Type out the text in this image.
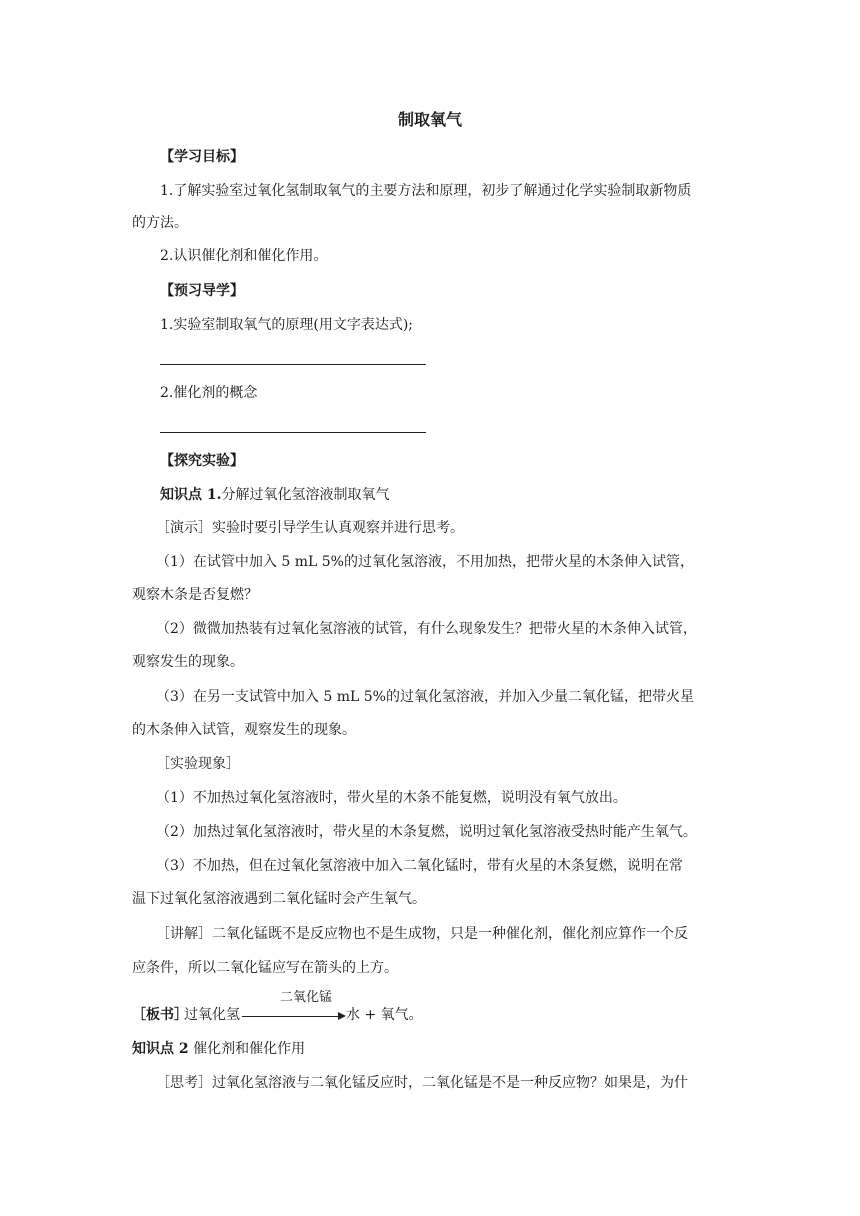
制取氧气
【学习目标】
1.了解实验室过氧化氢制取氧气的主要方法和原理，初步了解通过化学实验制取新物质
的方法。
2.认识催化剂和催化作用。
【预习导学】
1.实验室制取氧气的原理(用文字表达式);
2.催化剂的概念
【探究实验】
知识点 1.分解过氧化氢溶液制取氧气
［演示］实验时要引导学生认真观察并进行思考。
（1）在试管中加入 5 mL 5%的过氧化氢溶液，不用加热，把带火星的木条伸入试管，
观察木条是否复燃？
（2）微微加热装有过氧化氢溶液的试管，有什么现象发生？把带火星的木条伸入试管，
观察发生的现象。
（3）在另一支试管中加入 5 mL 5%的过氧化氢溶液，并加入少量二氧化锰，把带火星
的木条伸入试管，观察发生的现象。
［实验现象］
（1）不加热过氧化氢溶液时，带火星的木条不能复燃，说明没有氧气放出。
（2）加热过氧化氢溶液时，带火星的木条复燃，说明过氧化氢溶液受热时能产生氧气。
（3）不加热，但在过氧化氢溶液中加入二氧化锰时，带有火星的木条复燃，说明在常
温下过氧化氢溶液遇到二氧化锰时会产生氧气。
［讲解］二氧化锰既不是反应物也不是生成物，只是一种催化剂，催化剂应算作一个反
应条件，所以二氧化锰应写在箭头的上方。
［板书］
过氧化氢
二氧化锰
水 + 氧气。
知识点 2 催化剂和催化作用
［思考］过氧化氢溶液与二氧化锰反应时，二氧化锰是不是一种反应物？如果是，为什
